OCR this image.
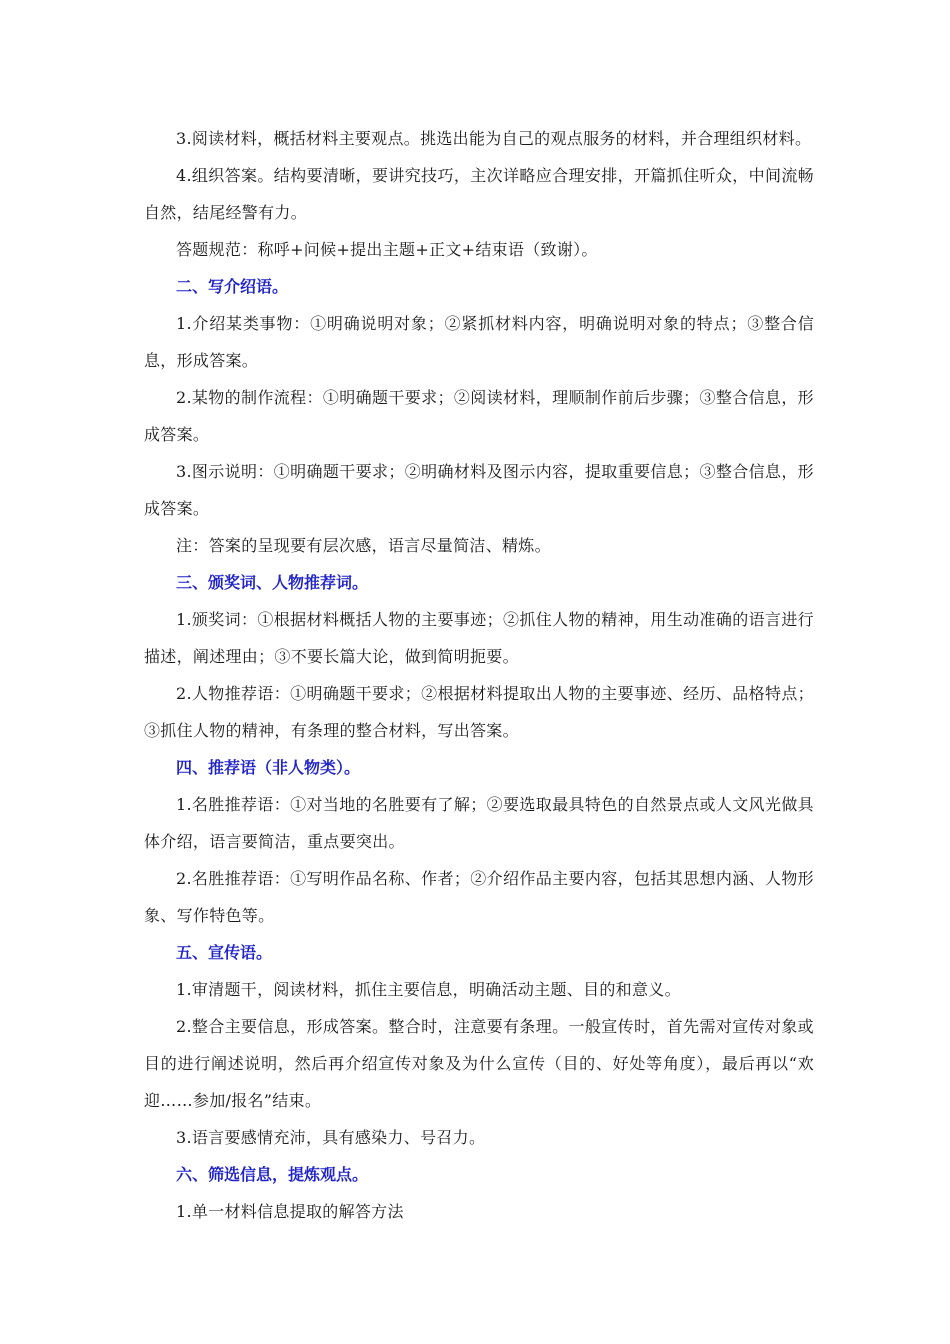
3.阅读材料，概括材料主要观点。挑选出能为自己的观点服务的材料，并合理组织材料。

4.组织答案。结构要清晰，要讲究技巧，主次详略应合理安排，开篇抓住听众，中间流畅自然，结尾经警有力。

答题规范：称呼+问候+提出主题+正文+结束语（致谢）。

二、写介绍语。

1.介绍某类事物：①明确说明对象；②紧抓材料内容，明确说明对象的特点；③整合信息，形成答案。

2.某物的制作流程：①明确题干要求；②阅读材料，理顺制作前后步骤；③整合信息，形成答案。

3.图示说明：①明确题干要求；②明确材料及图示内容，提取重要信息；③整合信息，形成答案。

注：答案的呈现要有层次感，语言尽量简洁、精炼。

三、颁奖词、人物推荐词。

1.颁奖词：①根据材料概括人物的主要事迹；②抓住人物的精神，用生动准确的语言进行描述，阐述理由；③不要长篇大论，做到简明扼要。

2.人物推荐语：①明确题干要求；②根据材料提取出人物的主要事迹、经历、品格特点；③抓住人物的精神，有条理的整合材料，写出答案。

四、推荐语（非人物类）。

1.名胜推荐语：①对当地的名胜要有了解；②要选取最具特色的自然景点或人文风光做具体介绍，语言要简洁，重点要突出。

2.名胜推荐语：①写明作品名称、作者；②介绍作品主要内容，包括其思想内涵、人物形象、写作特色等。

五、宣传语。

1.审清题干，阅读材料，抓住主要信息，明确活动主题、目的和意义。

2.整合主要信息，形成答案。整合时，注意要有条理。一般宣传时，首先需对宣传对象或目的进行阐述说明，然后再介绍宣传对象及为什么宣传（目的、好处等角度），最后再以“欢迎……参加/报名”结束。

3.语言要感情充沛，具有感染力、号召力。

六、筛选信息，提炼观点。

1.单一材料信息提取的解答方法
